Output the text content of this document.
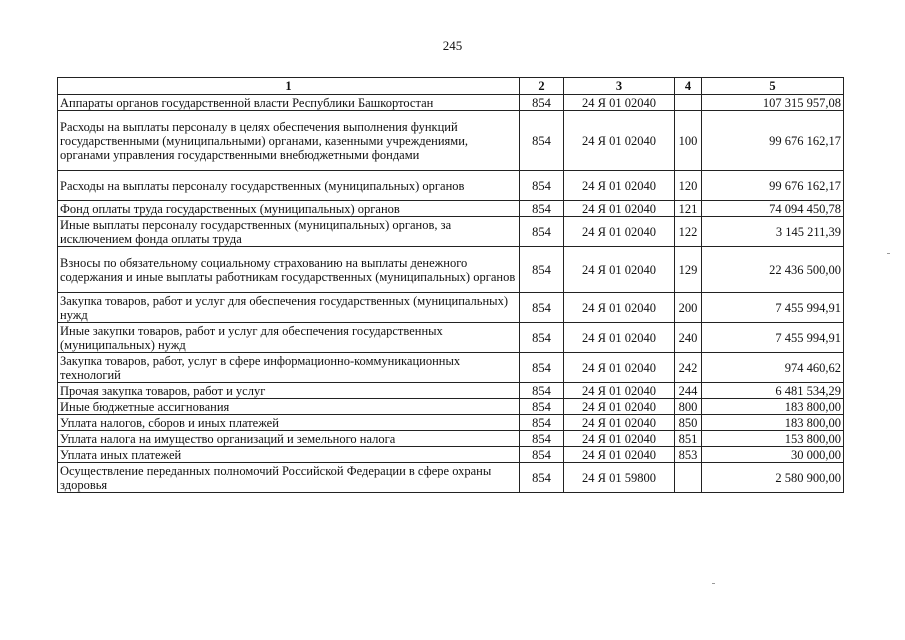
245
1	2	3	4	5
Аппараты органов государственной власти Республики Башкортостан	854	24 Я 01 02040		107 315 957,08
Расходы на выплаты персоналу в целях обеспечения выполнения функций государственными (муниципальными) органами, казенными учреждениями, органами управления государственными внебюджетными фондами	854	24 Я 01 02040	100	99 676 162,17
Расходы на выплаты персоналу государственных (муниципальных) органов	854	24 Я 01 02040	120	99 676 162,17
Фонд оплаты труда государственных (муниципальных) органов	854	24 Я 01 02040	121	74 094 450,78
Иные выплаты персоналу государственных (муниципальных) органов, за исключением фонда оплаты труда	854	24 Я 01 02040	122	3 145 211,39
Взносы по обязательному социальному страхованию на выплаты денежного содержания и иные выплаты работникам государственных (муниципальных) органов	854	24 Я 01 02040	129	22 436 500,00
Закупка товаров, работ и услуг для обеспечения государственных (муниципальных) нужд	854	24 Я 01 02040	200	7 455 994,91
Иные закупки товаров, работ и услуг для обеспечения государственных (муниципальных) нужд	854	24 Я 01 02040	240	7 455 994,91
Закупка товаров, работ, услуг в сфере информационно-коммуникационных технологий	854	24 Я 01 02040	242	974 460,62
Прочая закупка товаров, работ и услуг	854	24 Я 01 02040	244	6 481 534,29
Иные бюджетные ассигнования	854	24 Я 01 02040	800	183 800,00
Уплата налогов, сборов и иных платежей	854	24 Я 01 02040	850	183 800,00
Уплата налога на имущество организаций и земельного налога	854	24 Я 01 02040	851	153 800,00
Уплата иных платежей	854	24 Я 01 02040	853	30 000,00
Осуществление переданных полномочий Российской Федерации в сфере охраны здоровья	854	24 Я 01 59800		2 580 900,00
